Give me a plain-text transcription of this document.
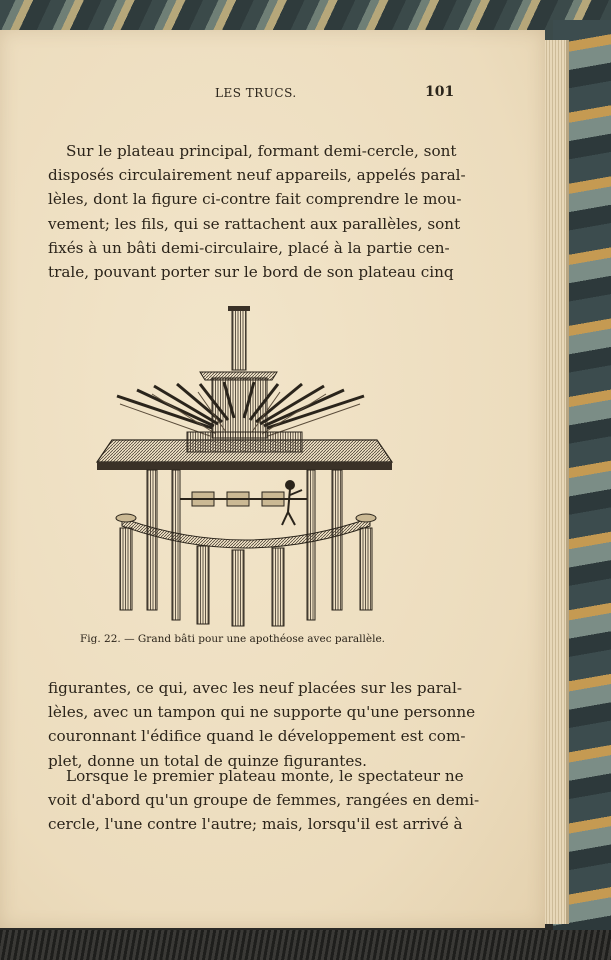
LES TRUCS.	101

Sur le plateau principal, formant demi-cercle, sont
disposés circulairement neuf appareils, appelés paral-
lèles, dont la figure ci-contre fait comprendre le mou-
vement; les fils, qui se rattachent aux parallèles, sont
fixés à un bâti demi-circulaire, placé à la partie cen-
trale, pouvant porter sur le bord de son plateau cinq

Fig. 22. — Grand bâti pour une apothéose avec parallèle.

figurantes, ce qui, avec les neuf placées sur les paral-
lèles, avec un tampon qui ne supporte qu'une personne
couronnant l'édifice quand le développement est com-
plet, donne un total de quinze figurantes.

Lorsque le premier plateau monte, le spectateur ne
voit d'abord qu'un groupe de femmes, rangées en demi-
cercle, l'une contre l'autre; mais, lorsqu'il est arrivé à
